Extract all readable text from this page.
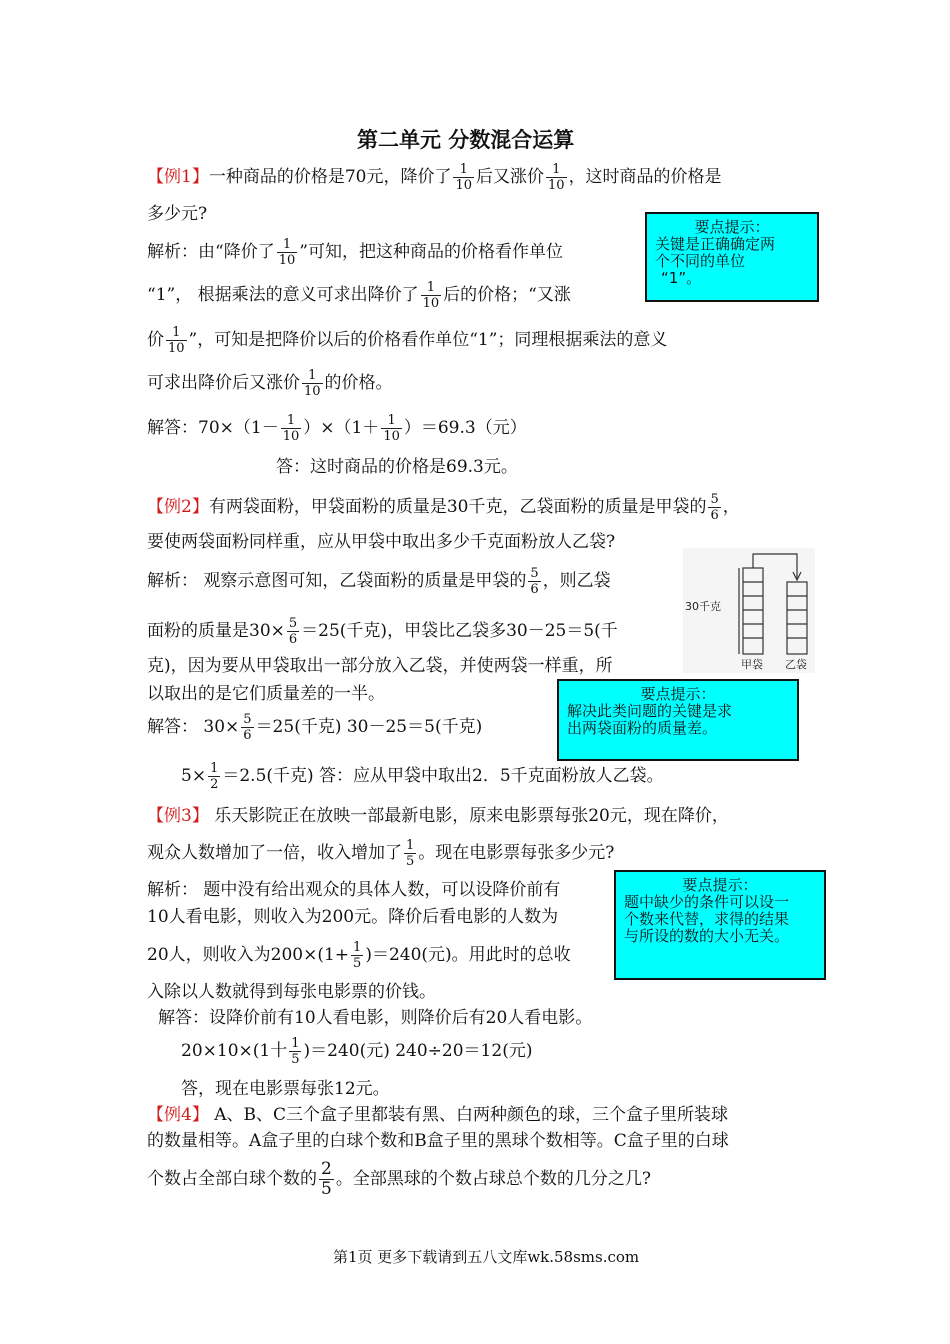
第二单元 分数混合运算
【例1】一种商品的价格是70元，降价了 $\frac{1}{10}$ 后又涨价 $\frac{1}{10}$ ，这时商品的价格是
多少元?
解析：由“降价了 $\frac{1}{10}$ ”可知，把这种商品的价格看作单位
“1”， 根据乘法的意义可求出降价了 $\frac{1}{10}$ 后的价格；“又涨
价 $\frac{1}{10}$ ”，可知是把降价以后的价格看作单位“1”；同理根据乘法的意义
可求出降价后又涨价 $\frac{1}{10}$ 的价格。
解答：$70\times(1- \frac{1}{10} )\times(1+ \frac{1}{10} )=69.3$（元）
答：这时商品的价格是69.3元。
要点提示：
关键是正确确定两
个不同的单位
“1”。
【例2】有两袋面粉，甲袋面粉的质量是30千克，乙袋面粉的质量是甲袋的 $\frac{5}{6}$ ，
要使两袋面粉同样重，应从甲袋中取出多少千克面粉放人乙袋?
解析： 观察示意图可知，乙袋面粉的质量是甲袋的 $\frac{5}{6}$ ，则乙袋
面粉的质量是$30\times \frac{5}{6} =25$(千克)，甲袋比乙袋多30－25＝5(千
克)，因为要从甲袋取出一部分放入乙袋，并使两袋一样重，所
以取出的是它们质量差的一半。
解答： $30\times \frac{5}{6} =25$(千克) 30－25＝5(千克)
$5\times \frac{1}{2} =2.5$(千克) 答：应从甲袋中取出2．5千克面粉放人乙袋。
30千克
甲袋 乙袋
要点提示：
解决此类问题的关键是求
出两袋面粉的质量差。
【例3】 乐天影院正在放映一部最新电影，原来电影票每张20元，现在降价，
观众人数增加了一倍，收入增加了 $\frac{1}{5}$ 。现在电影票每张多少元?
解析： 题中没有给出观众的具体人数，可以设降价前有
10人看电影，则收入为200元。降价后看电影的人数为
20人，则收入为$200\times(1+ \frac{1}{5} )=240$(元)。用此时的总收
入除以人数就得到每张电影票的价钱。
解答：设降价前有10人看电影，则降价后有20人看电影。
20×10×(1十 $\frac{1}{5} )=240$(元) 240÷20＝12(元)
答，现在电影票每张12元。
要点提示：
题中缺少的条件可以设一
个数来代替，求得的结果
与所设的数的大小无关。
【例4】 A、B、C三个盒子里都装有黑、白两种颜色的球，三个盒子里所装球
的数量相等。A盒子里的白球个数和B盒子里的黑球个数相等。C盒子里的白球
个数占全部白球个数的 $\frac{2}{5}$ 。全部黑球的个数占球总个数的几分之几?
第1页 更多下载请到五八文库wk.58sms.com
